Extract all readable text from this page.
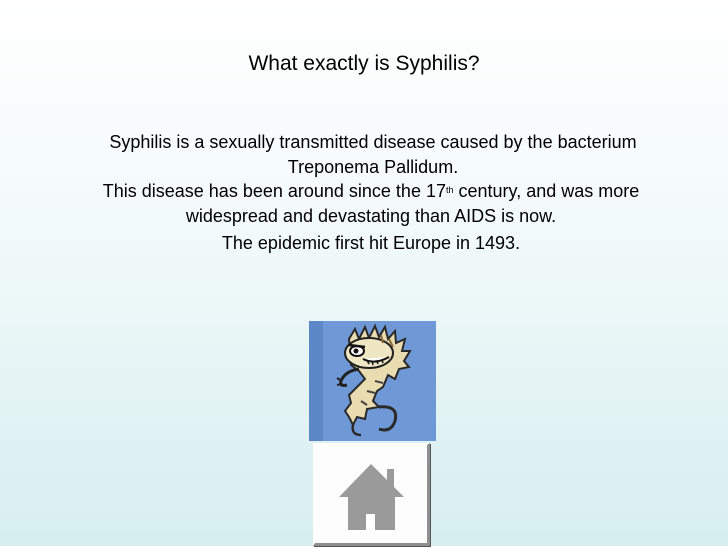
What exactly is Syphilis?

Syphilis is a sexually transmitted disease caused by the bacterium Treponema Pallidum.

This disease has been around since the 17th century, and was more widespread and devastating than AIDS is now.

The epidemic first hit Europe in 1493.
